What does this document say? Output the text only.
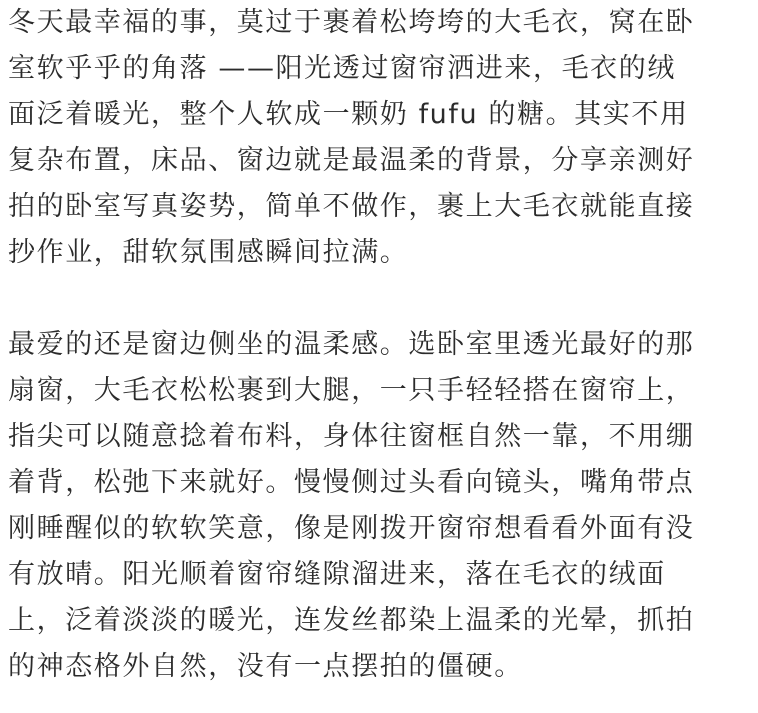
冬天最幸福的事，莫过于裹着松垮垮的大毛衣，窝在卧
室软乎乎的角落 ——阳光透过窗帘洒进来，毛衣的绒
面泛着暖光，整个人软成一颗奶 fufu 的糖。其实不用
复杂布置，床品、窗边就是最温柔的背景，分享亲测好
拍的卧室写真姿势，简单不做作，裹上大毛衣就能直接
抄作业，甜软氛围感瞬间拉满。
最爱的还是窗边侧坐的温柔感。选卧室里透光最好的那
扇窗，大毛衣松松裹到大腿，一只手轻轻搭在窗帘上，
指尖可以随意捻着布料，身体往窗框自然一靠，不用绷
着背，松弛下来就好。慢慢侧过头看向镜头，嘴角带点
刚睡醒似的软软笑意，像是刚拨开窗帘想看看外面有没
有放晴。阳光顺着窗帘缝隙溜进来，落在毛衣的绒面
上，泛着淡淡的暖光，连发丝都染上温柔的光晕，抓拍
的神态格外自然，没有一点摆拍的僵硬。
